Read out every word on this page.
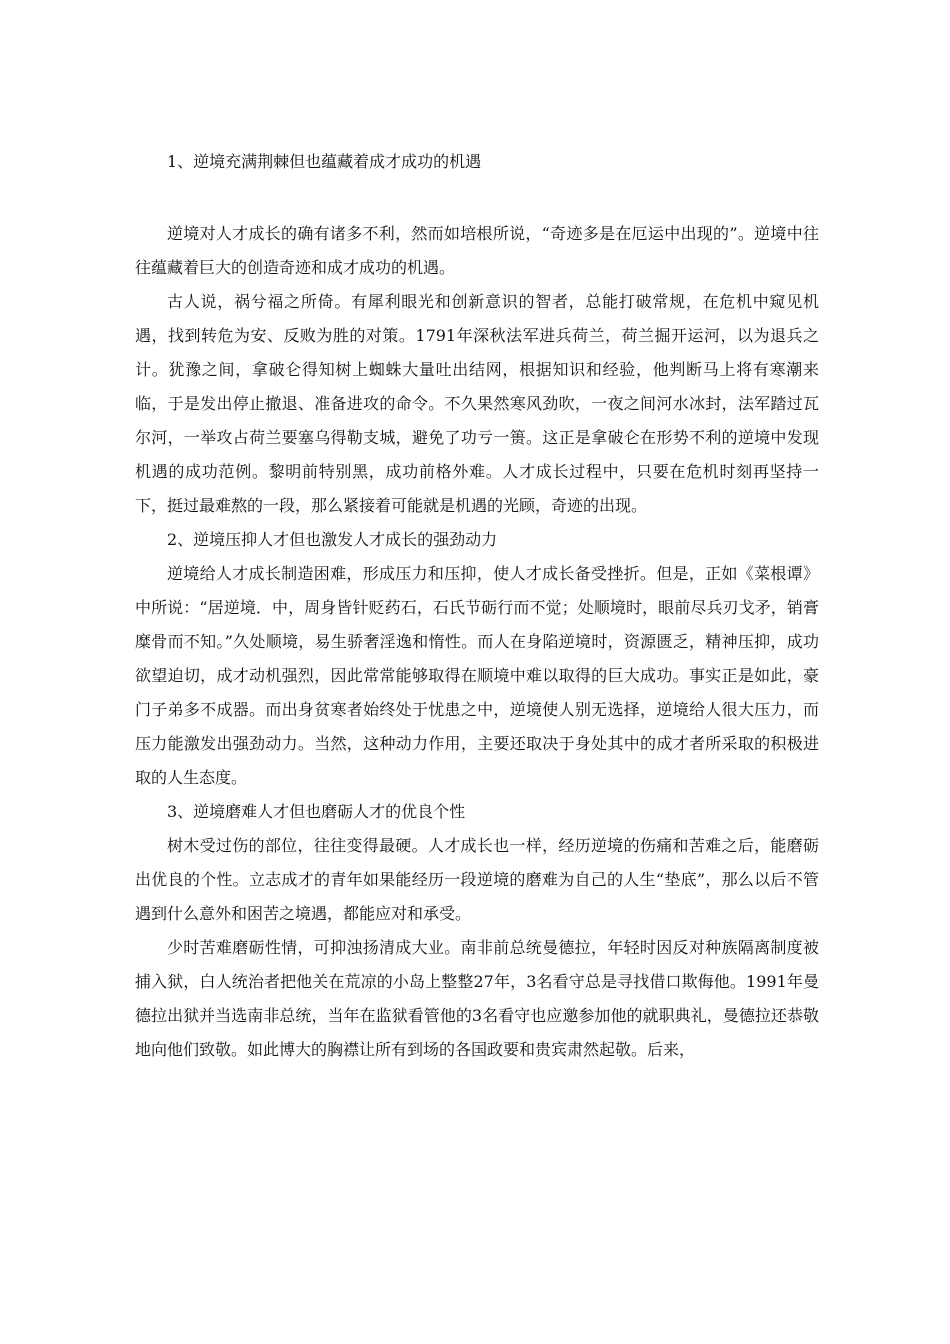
1、逆境充满荆棘但也蕴藏着成才成功的机遇

逆境对人才成长的确有诸多不利，然而如培根所说，“奇迹多是在厄运中出现的”。逆境中往往蕴藏着巨大的创造奇迹和成才成功的机遇。

古人说，祸兮福之所倚。有犀利眼光和创新意识的智者，总能打破常规，在危机中窥见机遇，找到转危为安、反败为胜的对策。1791年深秋法军进兵荷兰，荷兰掘开运河，以为退兵之计。犹豫之间，拿破仑得知树上蜘蛛大量吐出结网，根据知识和经验，他判断马上将有寒潮来临，于是发出停止撤退、准备进攻的命令。不久果然寒风劲吹，一夜之间河水冰封，法军踏过瓦尔河，一举攻占荷兰要塞乌得勒支城，避免了功亏一篑。这正是拿破仑在形势不利的逆境中发现机遇的成功范例。黎明前特别黑，成功前格外难。人才成长过程中，只要在危机时刻再坚持一下，挺过最难熬的一段，那么紧接着可能就是机遇的光顾，奇迹的出现。

2、逆境压抑人才但也激发人才成长的强劲动力

逆境给人才成长制造困难，形成压力和压抑，使人才成长备受挫折。但是，正如《菜根谭》中所说：“居逆境．中，周身皆针贬药石，石氏节砺行而不觉；处顺境时，眼前尽兵刃戈矛，销膏糜骨而不知。”久处顺境，易生骄奢淫逸和惰性。而人在身陷逆境时，资源匮乏，精神压抑，成功欲望迫切，成才动机强烈，因此常常能够取得在顺境中难以取得的巨大成功。事实正是如此，豪门子弟多不成器。而出身贫寒者始终处于忧患之中，逆境使人别无选择，逆境给人很大压力，而压力能激发出强劲动力。当然，这种动力作用，主要还取决于身处其中的成才者所采取的积极进取的人生态度。

3、逆境磨难人才但也磨砺人才的优良个性

树木受过伤的部位，往往变得最硬。人才成长也一样，经历逆境的伤痛和苦难之后，能磨砺出优良的个性。立志成才的青年如果能经历一段逆境的磨难为自己的人生“垫底”，那么以后不管遇到什么意外和困苦之境遇，都能应对和承受。

少时苦难磨砺性情，可抑浊扬清成大业。南非前总统曼德拉，年轻时因反对种族隔离制度被捕入狱，白人统治者把他关在荒凉的小岛上整整27年，3名看守总是寻找借口欺侮他。1991年曼德拉出狱并当选南非总统，当年在监狱看管他的3名看守也应邀参加他的就职典礼，曼德拉还恭敬地向他们致敬。如此博大的胸襟让所有到场的各国政要和贵宾肃然起敬。后来，
